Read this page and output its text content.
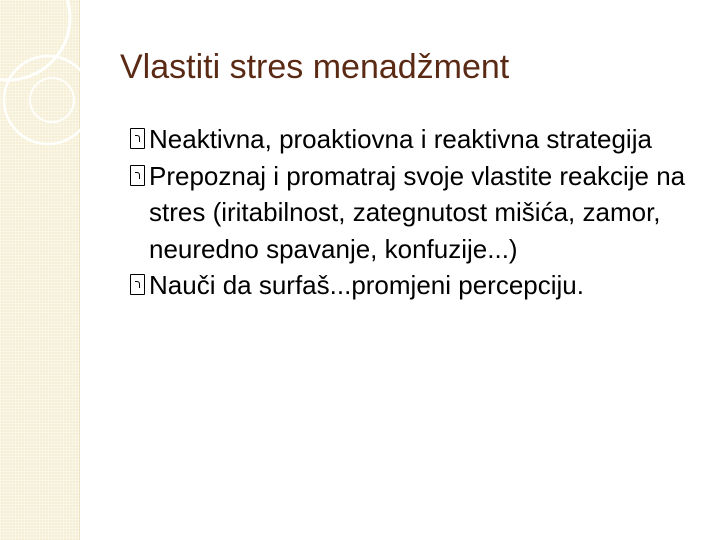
Vlastiti stres menadžment
Neaktivna, proaktiovna i reaktivna strategija
Prepoznaj i promatraj svoje vlastite reakcije na stres (iritabilnost, zategnutost mišića, zamor, neuredno spavanje, konfuzije...)
Nauči da surfaš...promjeni percepciju.
